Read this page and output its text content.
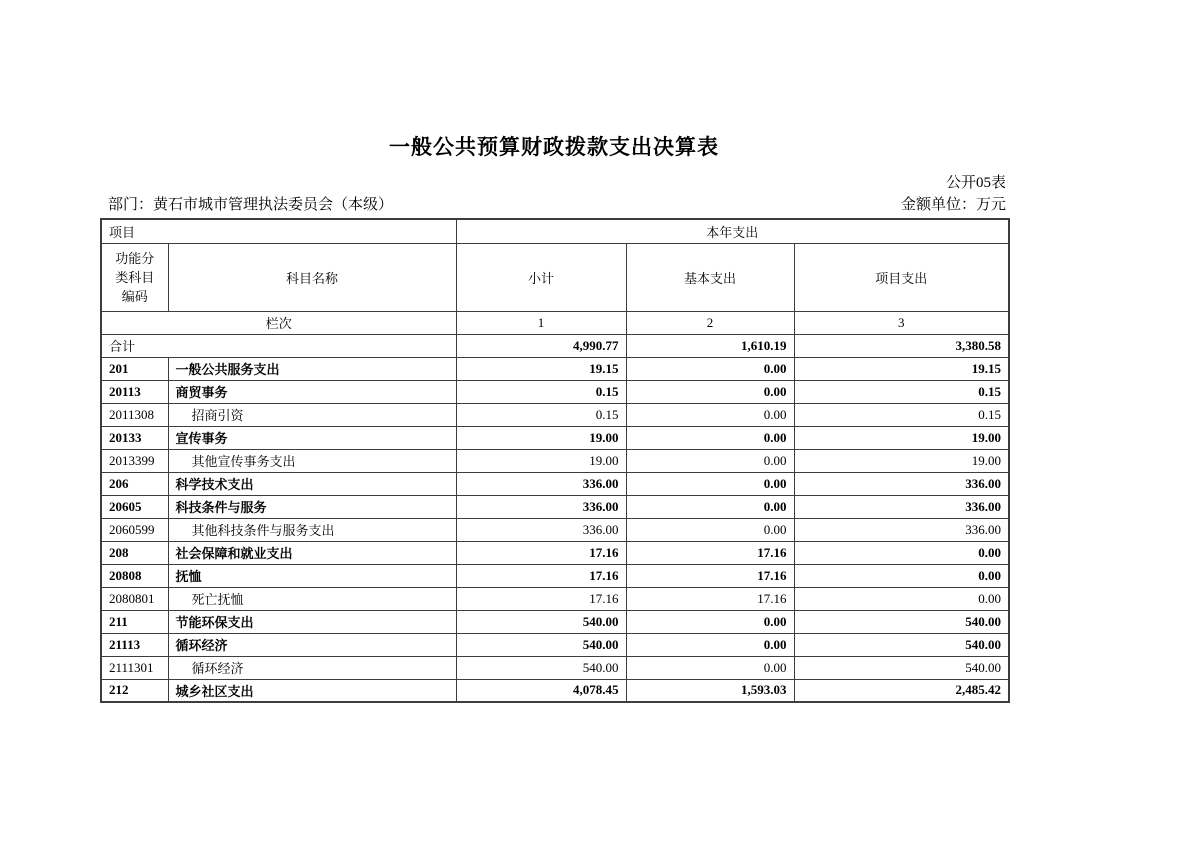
一般公共预算财政拨款支出决算表
公开05表
部门：黄石市城市管理执法委员会（本级）	金额单位：万元
项目		本年支出		

功能分
类科目
编码	科目名称	小计	基本支出	项目支出
栏次		1	2	3
合计		4,990.77	1,610.19	3,380.58
201	一般公共服务支出	19.15	0.00	19.15
20113	商贸事务	0.15	0.00	0.15
2011308	招商引资	0.15	0.00	0.15
20133	宣传事务	19.00	0.00	19.00
2013399	其他宣传事务支出	19.00	0.00	19.00
206	科学技术支出	336.00	0.00	336.00
20605	科技条件与服务	336.00	0.00	336.00
2060599	其他科技条件与服务支出	336.00	0.00	336.00
208	社会保障和就业支出	17.16	17.16	0.00
20808	抚恤	17.16	17.16	0.00
2080801	死亡抚恤	17.16	17.16	0.00
211	节能环保支出	540.00	0.00	540.00
21113	循环经济	540.00	0.00	540.00
2111301	循环经济	540.00	0.00	540.00
212	城乡社区支出	4,078.45	1,593.03	2,485.42
